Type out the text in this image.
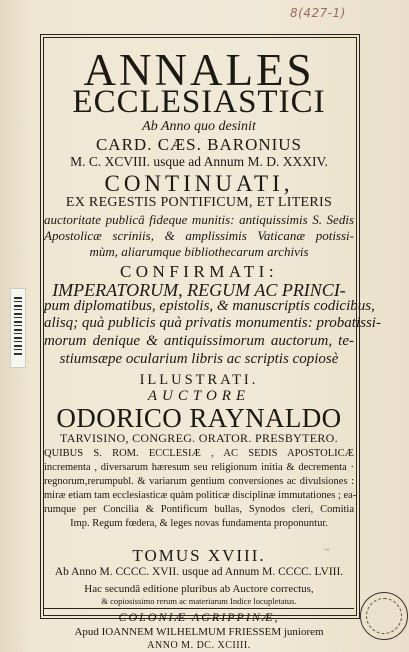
8(427-1)
ANNALES
ECCLESIASTICI
Ab Anno quo desinit
CARD. CÆS. BARONIUS
M. C. XCVIII. usque ad Annum M. D. XXXIV.
CONTINUATI,
EX REGESTIS PONTIFICUM, ET LITERIS
auctoritate publicâ fideque munitis: antiquissimis S. Sedis
Apostolicæ scriniis, & amplissimis Vaticanæ potissi-
mùm, aliarumque bibliothecarum archivis
CONFIRMATI:
IMPERATORUM, REGUM AC PRINCI-
pum diplomatibus, epistolis, & manuscriptis codicibus,
alisq; quà publicis quà privatis monumentis: probatissi-
morum denique & antiquissimorum auctorum, te-
stiumsæpe ocularium libris ac scriptis copiosè
ILLUSTRATI.
AUCTORE
ODORICO RAYNALDO
TARVISINO, CONGREG. ORATOR. PRESBYTERO.
QUIBUS S. ROM. ECCLESIÆ , AC SEDIS APOSTOLICÆ
incrementa , diversarum hæresum seu religionum initia & decrementa ·
regnorum,rerumpubl. & variarum gentium conversiones ac divulsiones :
miræ etiam tam ecclesiasticæ quàm politicæ disciplinæ immutationes ; ea-
rumque per Concilia & Pontificum bullas, Synodos cleri, Comitia
Imp. Regum fœdera, & leges novas fundamenta proponuntur.
TOMUS XVIII.	~
Ab Anno M. CCCC. XVII. usque ad Annum M. CCCC. LVIII.
Hac secundâ editione pluribus ab Auctore correctus,
& copiosissimo rerum ac materiarum Indice locupletatus.
COLONIÆ AGRIPPINÆ,
Apud IOANNEM WILHELMUM FRIESSEM juniorem
ANNO M. DC. XCIIII.
